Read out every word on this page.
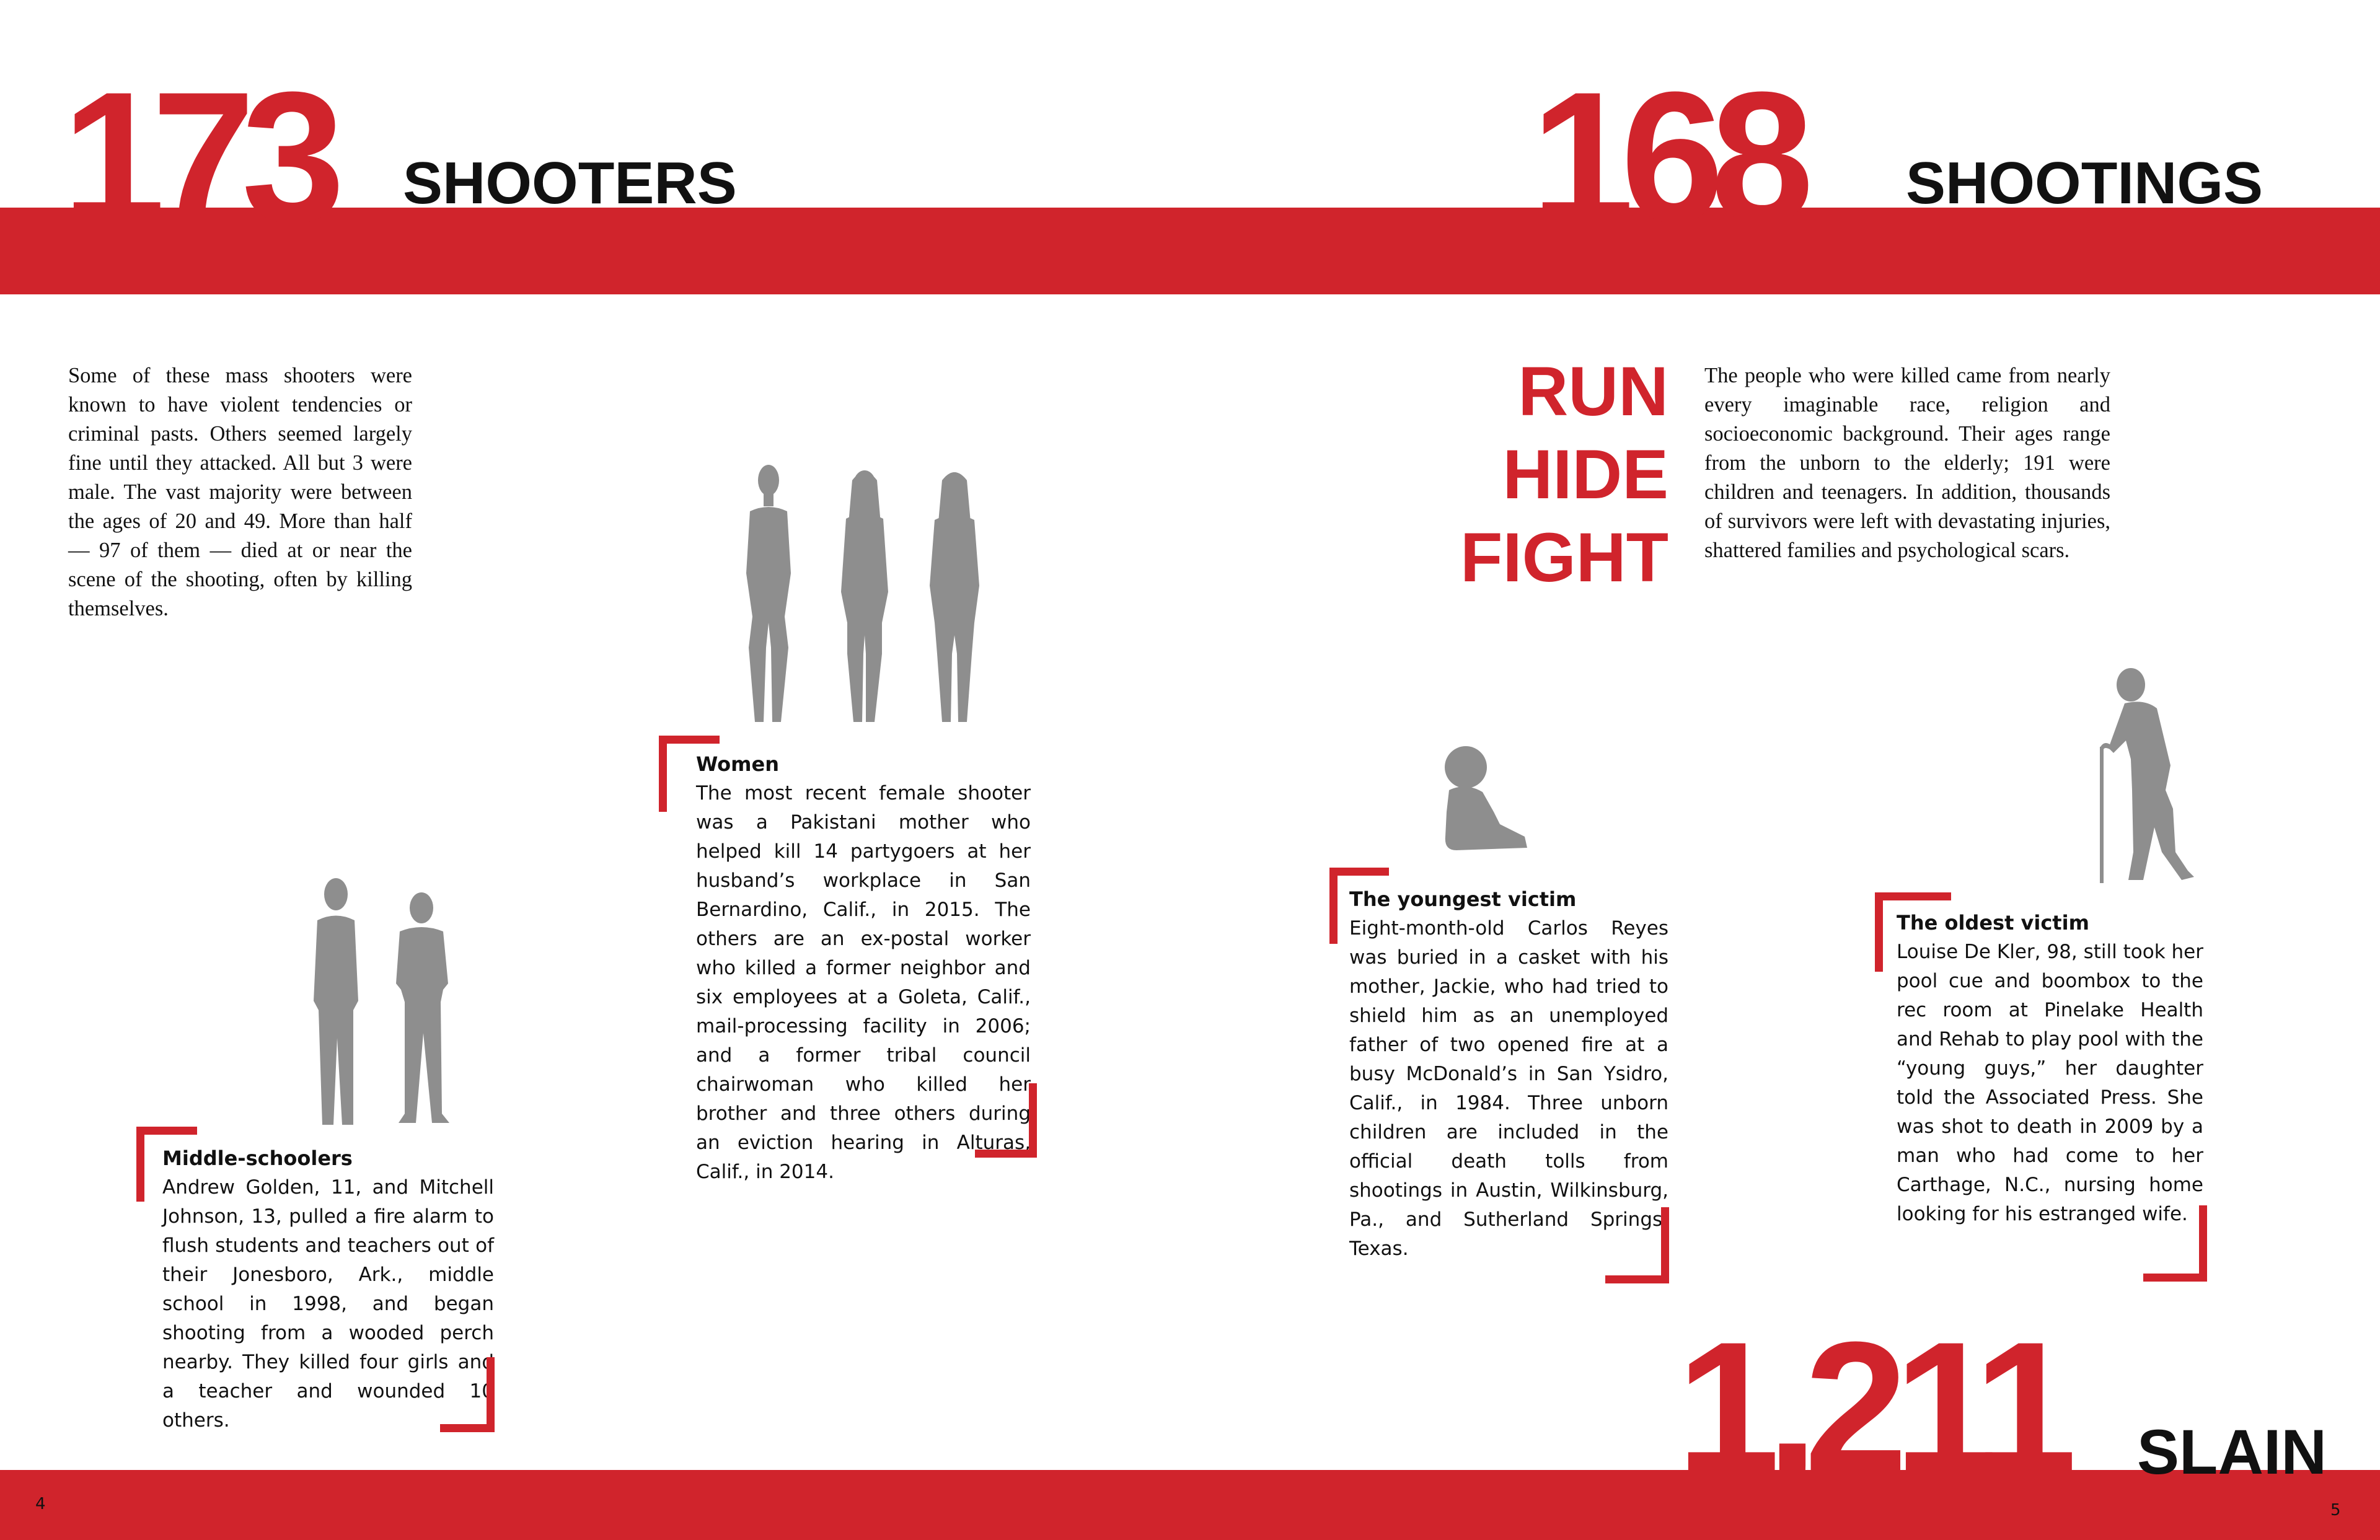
173 SHOOTERS	168 SHOOTINGS
1,211 SLAIN

Some of these mass shooters were known to have violent tendencies or criminal pasts. Others seemed largely fine until they attacked. All but 3 were male. The vast majority were between the ages of 20 and 49. More than half — 97 of them — died at or near the scene of the shooting, often by killing themselves.

RUN
HIDE
FIGHT

The people who were killed came from nearly every imaginable race, religion and socioeconomic background. Their ages range from the unborn to the elderly; 191 were children and teenagers. In addition, thousands of survivors were left with devastating injuries, shattered families and psychological scars.

Women

The most recent female shooter was a Pakistani mother who helped kill 14 partygoers at her husband’s workplace in San Bernardino, Calif., in 2015. The others are an ex-postal worker who killed a former neighbor and six employees at a Goleta, Calif., mail-processing facility in 2006; and a former tribal council chairwoman who killed her brother and three others during an eviction hearing in Alturas, Calif., in 2014.

Middle-schoolers

Andrew Golden, 11, and Mitchell Johnson, 13, pulled a fire alarm to flush students and teachers out of their Jonesboro, Ark., middle school in 1998, and began shooting from a wooded perch nearby. They killed four girls and a teacher and wounded 10 others.

The youngest victim

Eight-month-old Carlos Reyes was buried in a casket with his mother, Jackie, who had tried to shield him as an unemployed father of two opened fire at a busy McDonald’s in San Ysidro, Calif., in 1984. Three unborn children are included in the official death tolls from shootings in Austin, Wilkinsburg, Pa., and Sutherland Springs, Texas.

The oldest victim

Louise De Kler, 98, still took her pool cue and boombox to the rec room at Pinelake Health and Rehab to play pool with the “young guys,” her daughter told the Associated Press. She was shot to death in 2009 by a man who had come to her Carthage, N.C., nursing home looking for his estranged wife.

4	5
